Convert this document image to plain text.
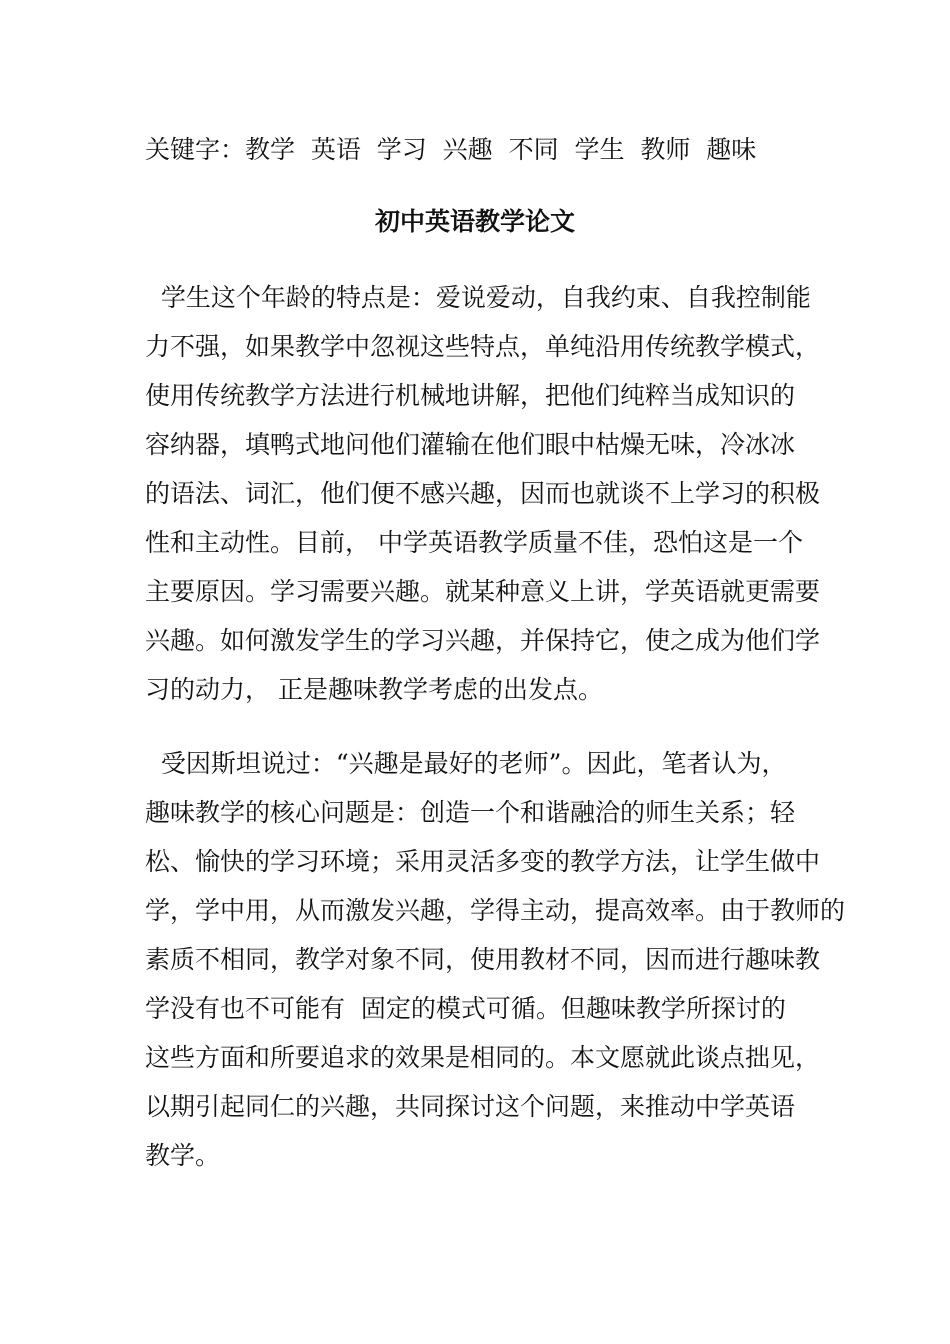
关键字：教学  英语  学习  兴趣  不同  学生  教师  趣味

初中英语教学论文

学生这个年龄的特点是：爱说爱动，自我约束、自我控制能

力不强，如果教学中忽视这些特点，单纯沿用传统教学模式，

使用传统教学方法进行机械地讲解，把他们纯粹当成知识的

容纳器，填鸭式地问他们灌输在他们眼中枯燥无味，冷冰冰

的语法、词汇，他们便不感兴趣，因而也就谈不上学习的积极

性和主动性。目前， 中学英语教学质量不佳，恐怕这是一个

主要原因。学习需要兴趣。就某种意义上讲，学英语就更需要

兴趣。如何激发学生的学习兴趣，并保持它，使之成为他们学

习的动力， 正是趣味教学考虑的出发点。

受因斯坦说过：“兴趣是最好的老师”。因此，笔者认为，

趣味教学的核心问题是：创造一个和谐融洽的师生关系；轻

松、愉快的学习环境；采用灵活多变的教学方法，让学生做中

学，学中用，从而激发兴趣，学得主动，提高效率。由于教师的

素质不相同，教学对象不同，使用教材不同，因而进行趣味教

学没有也不可能有  固定的模式可循。但趣味教学所探讨的

这些方面和所要追求的效果是相同的。本文愿就此谈点拙见，

以期引起同仁的兴趣，共同探讨这个问题，来推动中学英语

教学。
